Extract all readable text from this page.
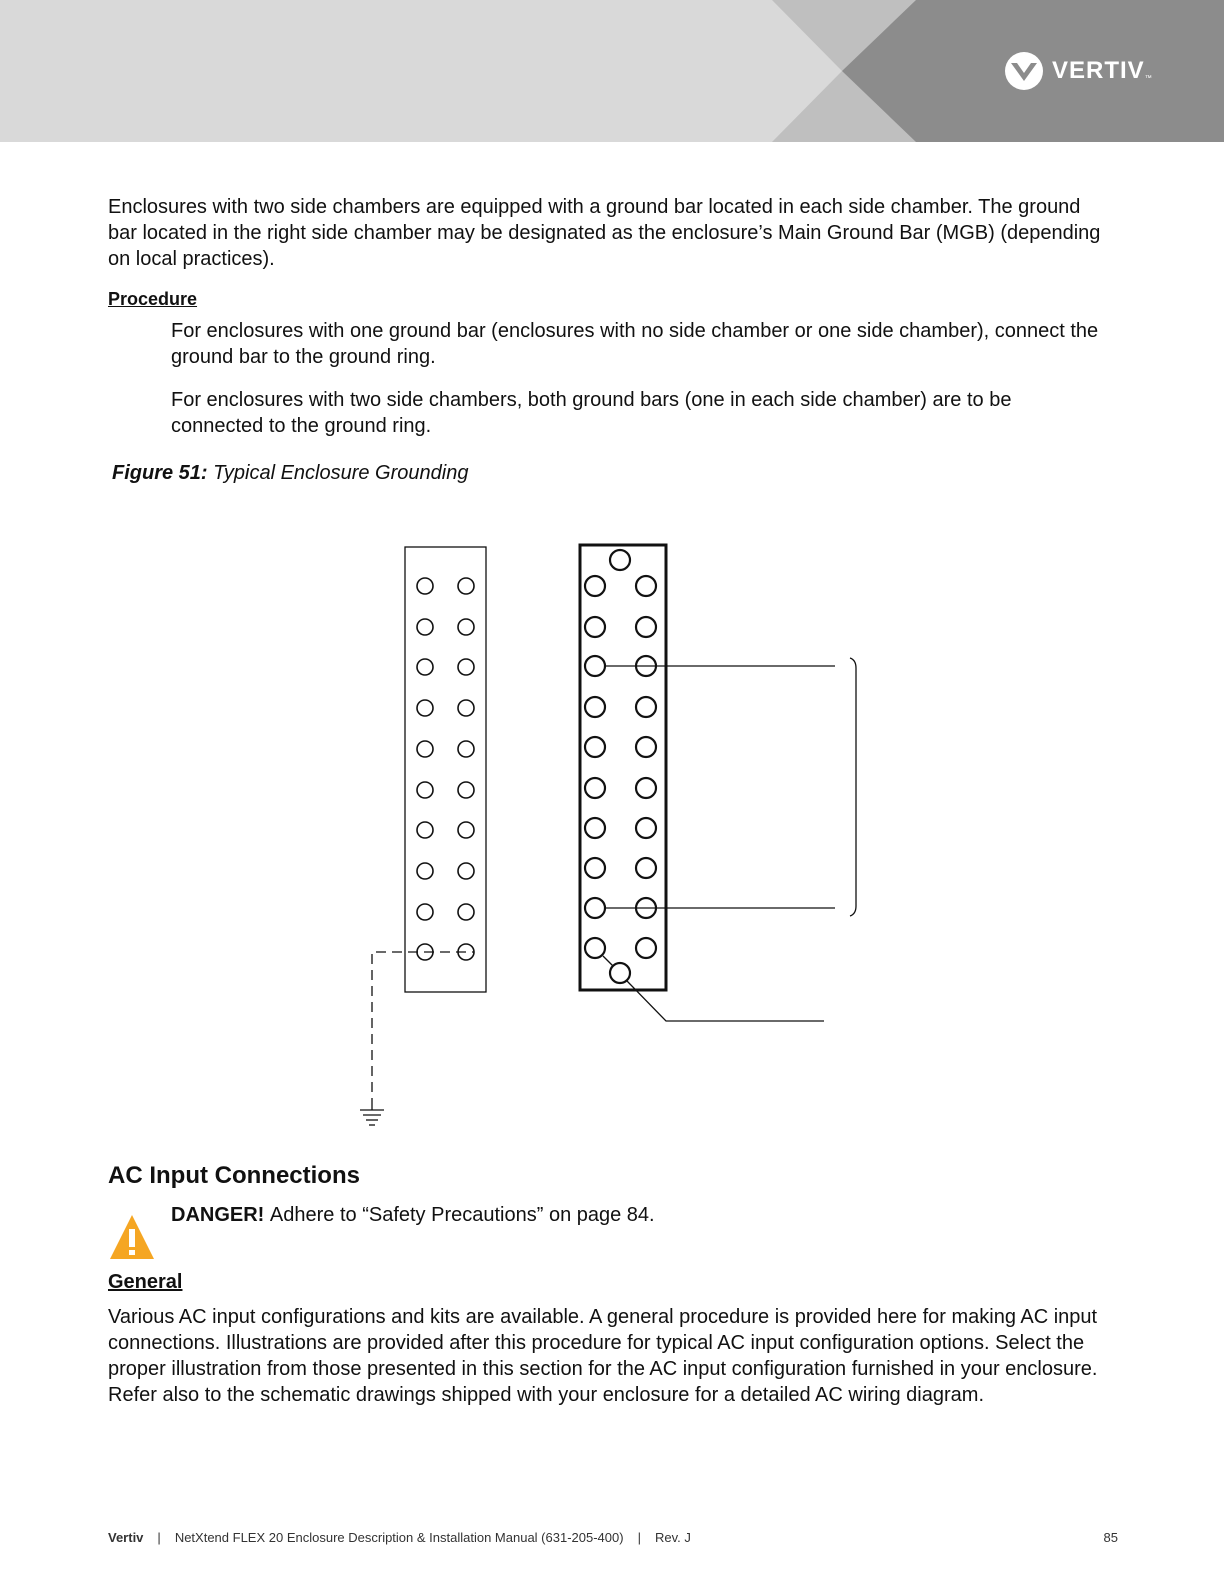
VERTIV ™
Enclosures with two side chambers are equipped with a ground bar located in each side chamber. The ground bar located in the right side chamber may be designated as the enclosure’s Main Ground Bar (MGB) (depending on local practices).
Procedure
For enclosures with one ground bar (enclosures with no side chamber or one side chamber), connect the ground bar to the ground ring.
For enclosures with two side chambers, both ground bars (one in each side chamber) are to be connected to the ground ring.
Figure 51: Typical Enclosure Grounding
AC Input Connections
DANGER! Adhere to “Safety Precautions” on page 84.
General
Various AC input configurations and kits are available. A general procedure is provided here for making AC input connections. Illustrations are provided after this procedure for typical AC input configuration options. Select the proper illustration from those presented in this section for the AC input configuration furnished in your enclosure. Refer also to the schematic drawings shipped with your enclosure for a detailed AC wiring diagram.
Vertiv | NetXtend FLEX 20 Enclosure Description & Installation Manual (631-205-400) | Rev. J	85
